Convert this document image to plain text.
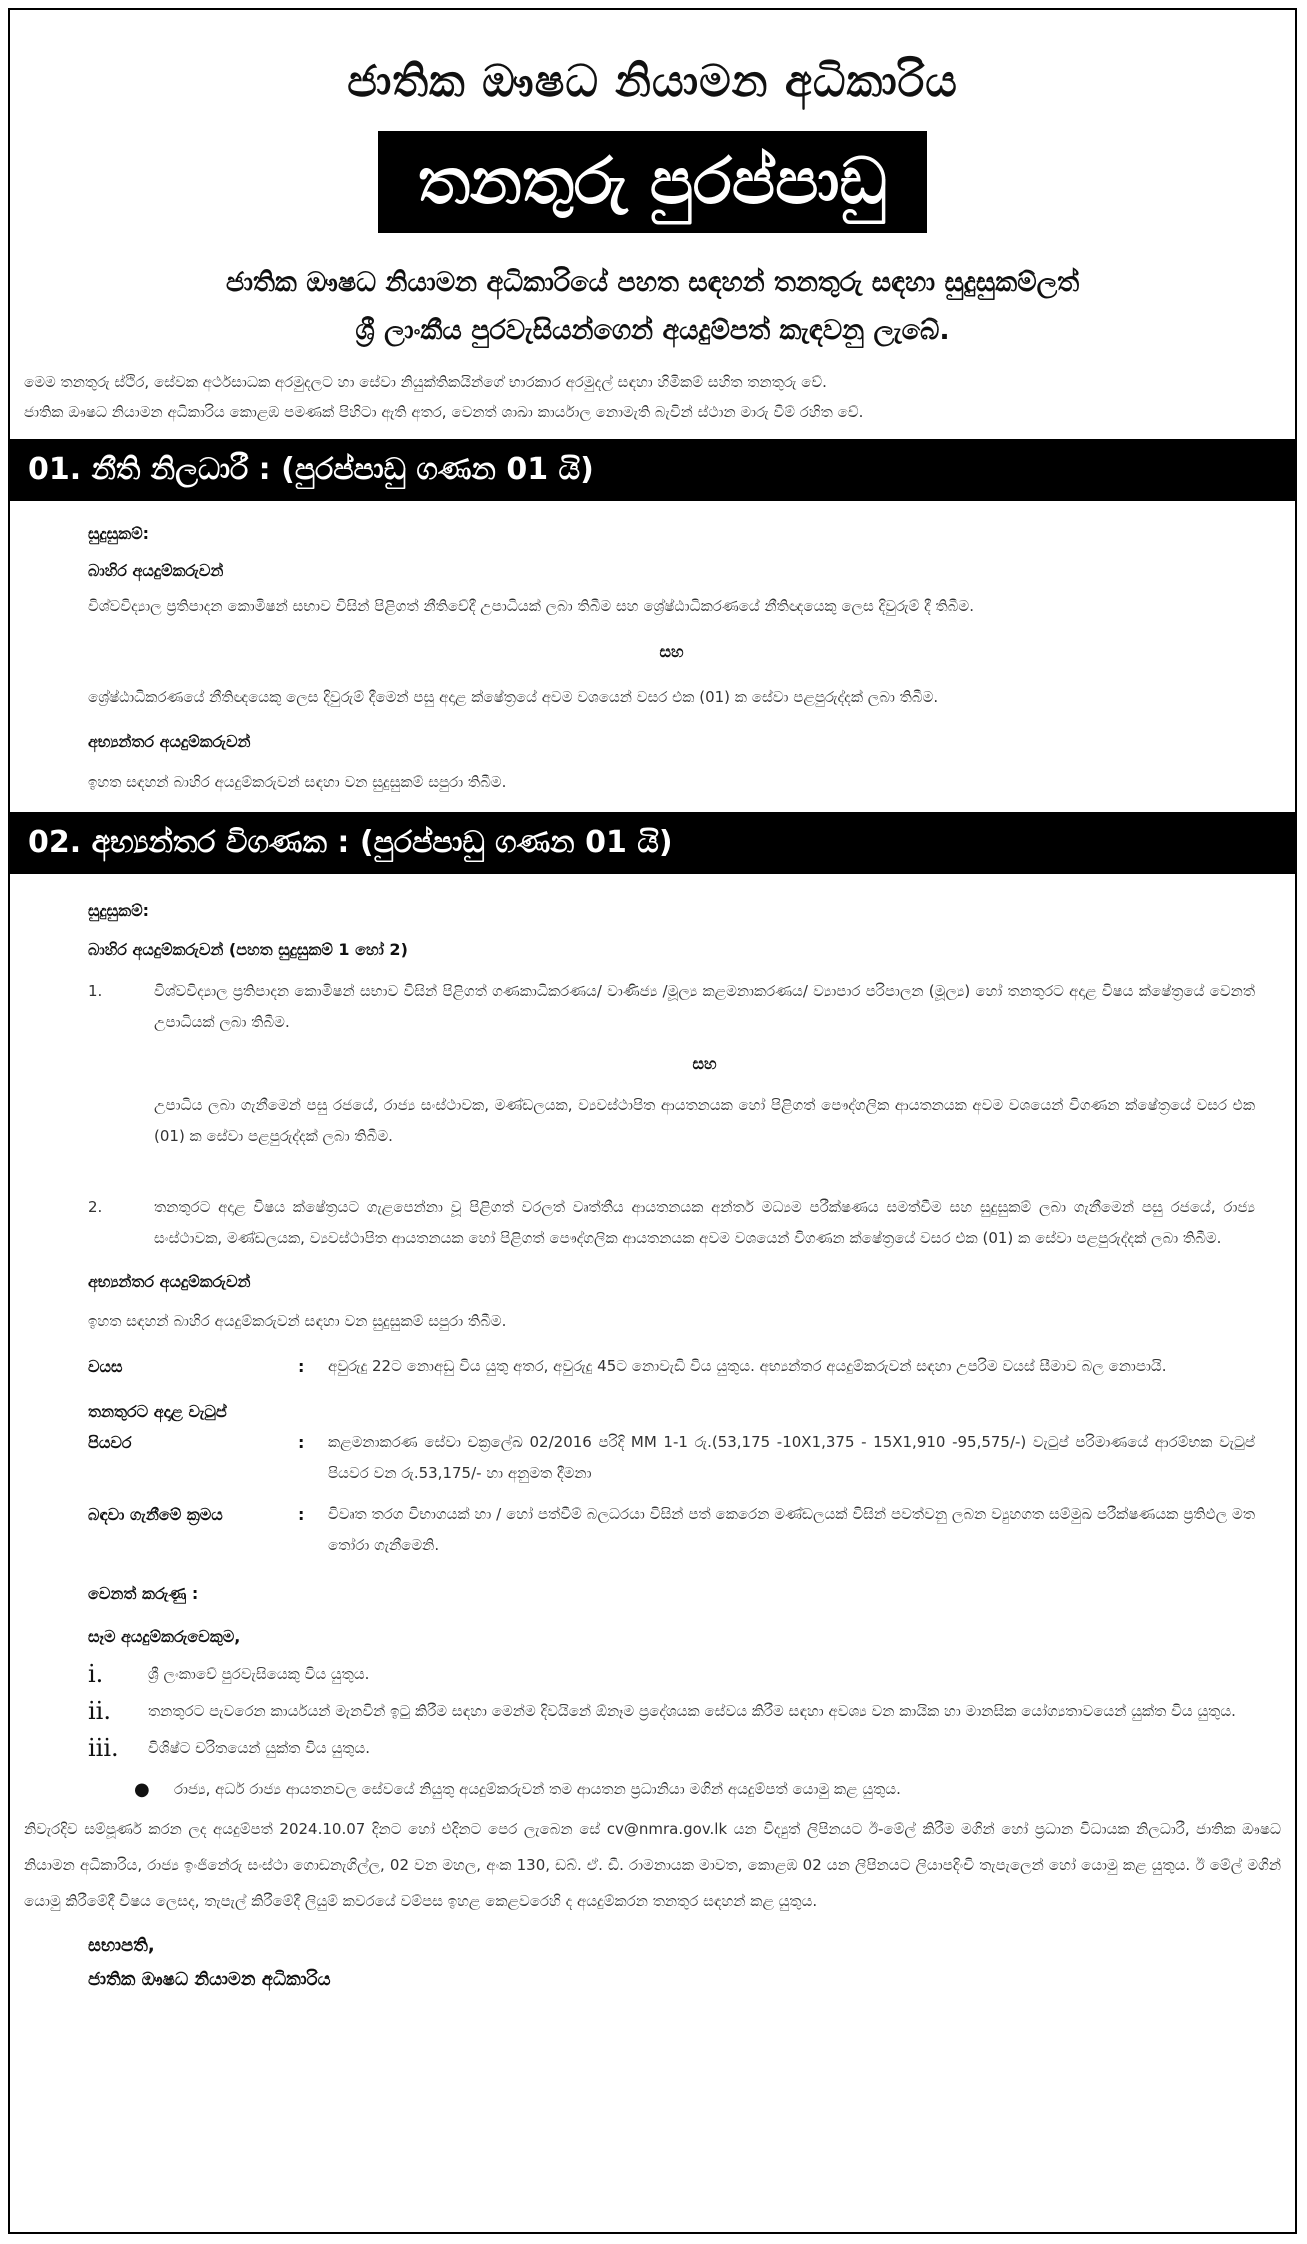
ජාතික ඖෂධ නියාමන අධිකාරිය
තනතුරු පුරප්පාඩු
ජාතික ඖෂධ නියාමන අධිකාරියේ පහත සඳහන් තනතුරු සඳහා සුදුසුකම්ලත්
ශ්‍රී ලාංකීය පුරවැසියන්ගෙන් අයදුම්පත් කැඳවනු ලැබේ.
මෙම තනතුරු ස්ථිර, සේවක අර්ථසාධක අරමුදලට හා සේවා නියුක්තිකයින්ගේ භාරකාර අරමුදල් සඳහා හිමිකම් සහිත තනතුරු වේ.
ජාතික ඖෂධ නියාමන අධිකාරිය කොළඹ පමණක් පිහිටා ඇති අතර, වෙනත් ශාඛා කාර්යාල නොමැති බැවින් ස්ථාන මාරු වීම් රහිත වේ.
01. නීති නිලධාරී : (පුරප්පාඩු ගණන 01 යි)
සුදුසුකම්:
බාහිර අයදුම්කරුවන්
විශ්වවිද්‍යාල ප්‍රතිපාදන කොමිෂන් සභාව විසින් පිළිගත් නීතිවේදී උපාධියක් ලබා තිබීම සහ ශ්‍රේෂ්ඨාධිකරණයේ නීතිඥයෙකු ලෙස දිවුරුම් දී තිබීම.
සහ
ශ්‍රේෂ්ඨාධිකරණයේ නීතිඥයෙකු ලෙස දිවුරුම් දීමෙන් පසු අදාළ ක්ෂේත්‍රයේ අවම වශයෙන් වසර එක (01) ක සේවා පළපුරුද්දක් ලබා තිබීම.
අභ්‍යන්තර අයදුම්කරුවන්
ඉහත සඳහන් බාහිර අයදුම්කරුවන් සඳහා වන සුදුසුකම් සපුරා තිබීම.
02. අභ්‍යන්තර විගණක : (පුරප්පාඩු ගණන 01 යි)
සුදුසුකම්:
බාහිර අයදුම්කරුවන් (පහත සුදුසුකම් 1 හෝ 2)
1.	විශ්වවිද්‍යාල ප්‍රතිපාදන කොමිෂන් සභාව විසින් පිළිගත් ගණකාධිකරණය/ වාණිජ්‍ය /මූල්‍ය කළමනාකරණය/ ව්‍යාපාර පරිපාලන (මූල්‍ය) හෝ තනතුරට අදාළ විෂය ක්ෂේත්‍රයේ වෙනත් උපාධියක් ලබා තිබීම.
සහ
උපාධිය ලබා ගැනීමෙන් පසු රජයේ, රාජ්‍ය සංස්ථාවක, මණ්ඩලයක, ව්‍යවස්ථාපිත ආයතනයක හෝ පිළිගත් පෞද්ගලික ආයතනයක අවම වශයෙන් විගණන ක්ෂේත්‍රයේ වසර එක (01) ක සේවා පළපුරුද්දක් ලබා තිබීම.
2.	තනතුරට අදාළ විෂය ක්ෂේත්‍රයට ගැළපෙන්නා වූ පිළිගත් වරලත් වෘත්තීය ආයතනයක අන්තර් මධ්‍යම පරීක්ෂණය සමත්වීම සහ සුදුසුකම් ලබා ගැනීමෙන් පසු රජයේ, රාජ්‍ය සංස්ථාවක, මණ්ඩලයක, ව්‍යවස්ථාපිත ආයතනයක හෝ පිළිගත් පෞද්ගලික ආයතනයක අවම වශයෙන් විගණන ක්ෂේත්‍රයේ වසර එක (01) ක සේවා පළපුරුද්දක් ලබා තිබීම.
අභ්‍යන්තර අයදුම්කරුවන්
ඉහත සඳහන් බාහිර අයදුම්කරුවන් සඳහා වන සුදුසුකම් සපුරා තිබීම.
වයස	:	අවුරුදු 22ට නොඅඩු විය යුතු අතර, අවුරුදු 45ට නොවැඩි විය යුතුය. අභ්‍යන්තර අයදුම්කරුවන් සඳහා උපරිම වයස් සීමාව බල නොපායි.
තනතුරට අදාළ වැටුප්
පියවර	:	කළමනාකරණ සේවා චක්‍රලේඛ 02/2016 පරිදි MM 1-1 රු.(53,175 -10X1,375 - 15X1,910 -95,575/-) වැටුප් පරිමාණයේ ආරම්භක වැටුප් පියවර වන රු.53,175/- හා අනුමත දීමනා
බඳවා ගැනීමේ ක්‍රමය	:	විවෘත තරග විභාගයක් හා / හෝ පත්වීම් බලධරයා විසින් පත් කෙරෙන මණ්ඩලයක් විසින් පවත්වනු ලබන ව්‍යුහගත සම්මුඛ පරීක්ෂණයක ප්‍රතිඵල මත තෝරා ගැනීමෙනි.
වෙනත් කරුණු :
සෑම අයදුම්කරුවෙකුම,
i.	ශ්‍රී ලංකාවේ පුරවැසියෙකු විය යුතුය.
ii.	තනතුරට පැවරෙන කාර්යයන් මැනවින් ඉටු කිරීම සඳහා මෙන්ම දිවයිනේ ඕනෑම ප්‍රදේශයක සේවය කිරීම සඳහා අවශ්‍ය වන කායික හා මානසික යෝග්‍යතාවයෙන් යුක්ත විය යුතුය.
iii.	විශිෂ්ට චරිතයෙන් යුක්ත විය යුතුය.
●	රාජ්‍ය, අර්ධ රාජ්‍ය ආයතනවල සේවයේ නියුතු අයදුම්කරුවන් තම ආයතන ප්‍රධානියා මගින් අයදුම්පත් යොමු කළ යුතුය.
නිවැරදිව සම්පූර්ණ කරන ලද අයදුම්පත් 2024.10.07 දිනට හෝ එදිනට පෙර ලැබෙන සේ cv@nmra.gov.lk යන විද්‍යුත් ලිපිනයට ඊ-මේල් කිරීම මගින් හෝ ප්‍රධාන විධායක නිලධාරී, ජාතික ඖෂධ නියාමන අධිකාරිය, රාජ්‍ය ඉංජිනේරු සංස්ථා ගොඩනැගිල්ල, 02 වන මහල, අංක 130, ඩබ්. ඒ. ඩී. රාමනායක මාවත, කොළඹ 02 යන ලිපිනයට ලියාපදිංචි තැපැලෙන් හෝ යොමු කළ යුතුය. ඊ මේල් මගින් යොමු කිරීමේදී විෂය ලෙසද, තැපැල් කිරීමේදී ලියුම් කවරයේ වම්පස ඉහළ කෙළවරෙහි ද අයදුම්කරන තනතුර සඳහන් කළ යුතුය.
සභාපති,
ජාතික ඖෂධ නියාමන අධිකාරිය
